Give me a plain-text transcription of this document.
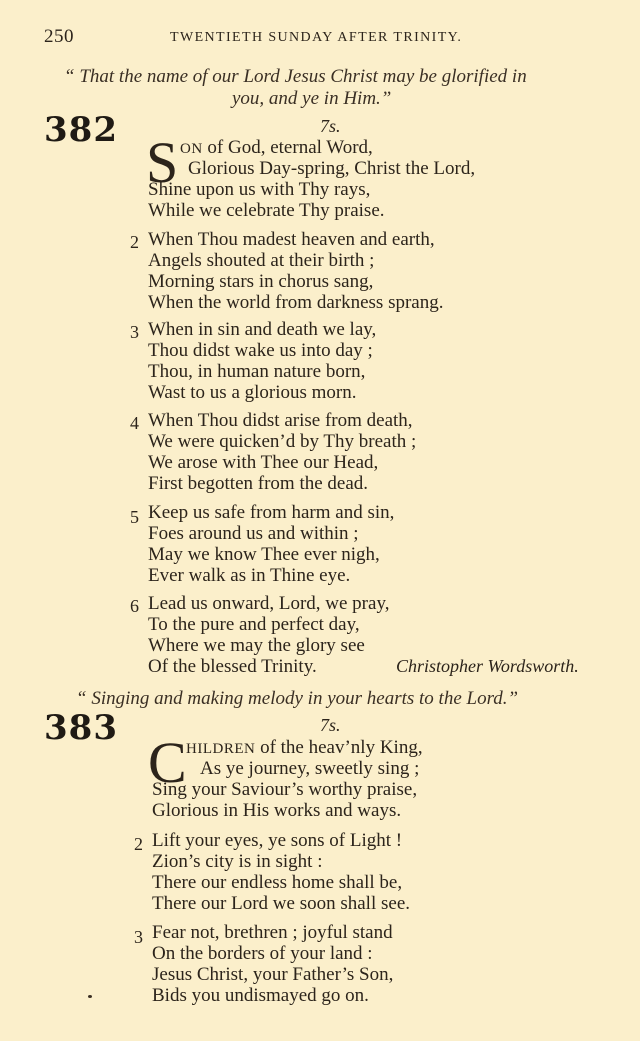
250	TWENTIETH SUNDAY AFTER TRINITY.
“ That the name of our Lord Jesus Christ may be glorified in
you, and ye in Him.”
382	7s.
S ON of God, eternal Word,
Glorious Day-spring, Christ the Lord,
Shine upon us with Thy rays,
While we celebrate Thy praise.
2 When Thou madest heaven and earth,
Angels shouted at their birth ;
Morning stars in chorus sang,
When the world from darkness sprang.
3 When in sin and death we lay,
Thou didst wake us into day ;
Thou, in human nature born,
Wast to us a glorious morn.
4 When Thou didst arise from death,
We were quicken’d by Thy breath ;
We arose with Thee our Head,
First begotten from the dead.
5 Keep us safe from harm and sin,
Foes around us and within ;
May we know Thee ever nigh,
Ever walk as in Thine eye.
6 Lead us onward, Lord, we pray,
To the pure and perfect day,
Where we may the glory see
Of the blessed Trinity.	Christopher Wordsworth.
“ Singing and making melody in your hearts to the Lord.”
383	7s.
C HILDREN of the heav’nly King,
As ye journey, sweetly sing ;
Sing your Saviour’s worthy praise,
Glorious in His works and ways.
2 Lift your eyes, ye sons of Light !
Zion’s city is in sight :
There our endless home shall be,
There our Lord we soon shall see.
3 Fear not, brethren ; joyful stand
On the borders of your land :
Jesus Christ, your Father’s Son,
Bids you undismayed go on.
